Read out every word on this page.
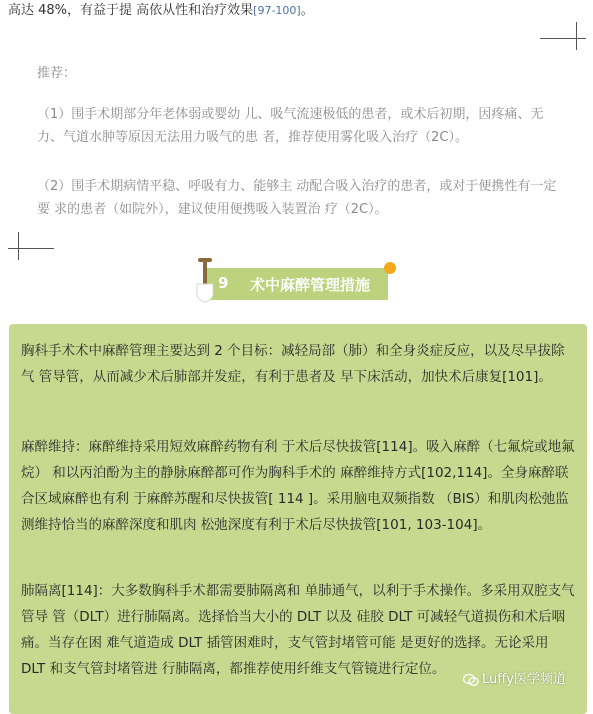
高达 48%，有益于提 高依从性和治疗效果[97-100]。
推荐：
（1）围手术期部分年老体弱或婴幼 儿、吸气流速极低的患者，或术后初期，因疼痛、无力、气道水肿等原因无法用力吸气的患 者，推荐使用雾化吸入治疗（2C）。
（2）围手术期病情平稳、呼吸有力、能够主 动配合吸入治疗的患者，或对于便携性有一定要 求的患者（如院外），建议使用便携吸入装置治 疗（2C）。
9 术中麻醉管理措施
胸科手术术中麻醉管理主要达到 2 个目标：减轻局部（肺）和全身炎症反应，以及尽早拔除气 管导管，从而减少术后肺部并发症，有利于患者及 早下床活动，加快术后康复[101]。
麻醉维持：麻醉维持采用短效麻醉药物有利 于术后尽快拔管[114]。吸入麻醉（七氟烷或地氟烷） 和以丙泊酚为主的静脉麻醉都可作为胸科手术的 麻醉维持方式[102,114]。全身麻醉联合区域麻醉也有利 于麻醉苏醒和尽快拔管[ 114 ]。采用脑电双频指数 （BIS）和肌肉松弛监测维持恰当的麻醉深度和肌肉 松弛深度有利于术后尽快拔管[101, 103-104]。
肺隔离[114]：大多数胸科手术都需要肺隔离和 单肺通气，以利于手术操作。多采用双腔支气管导 管（DLT）进行肺隔离。选择恰当大小的 DLT 以及 硅胶 DLT 可减轻气道损伤和术后咽痛。当存在困 难气道造成 DLT 插管困难时，支气管封堵管可能 是更好的选择。无论采用 DLT 和支气管封堵管进 行肺隔离，都推荐使用纤维支气管镜进行定位。
Luffy医学频道
